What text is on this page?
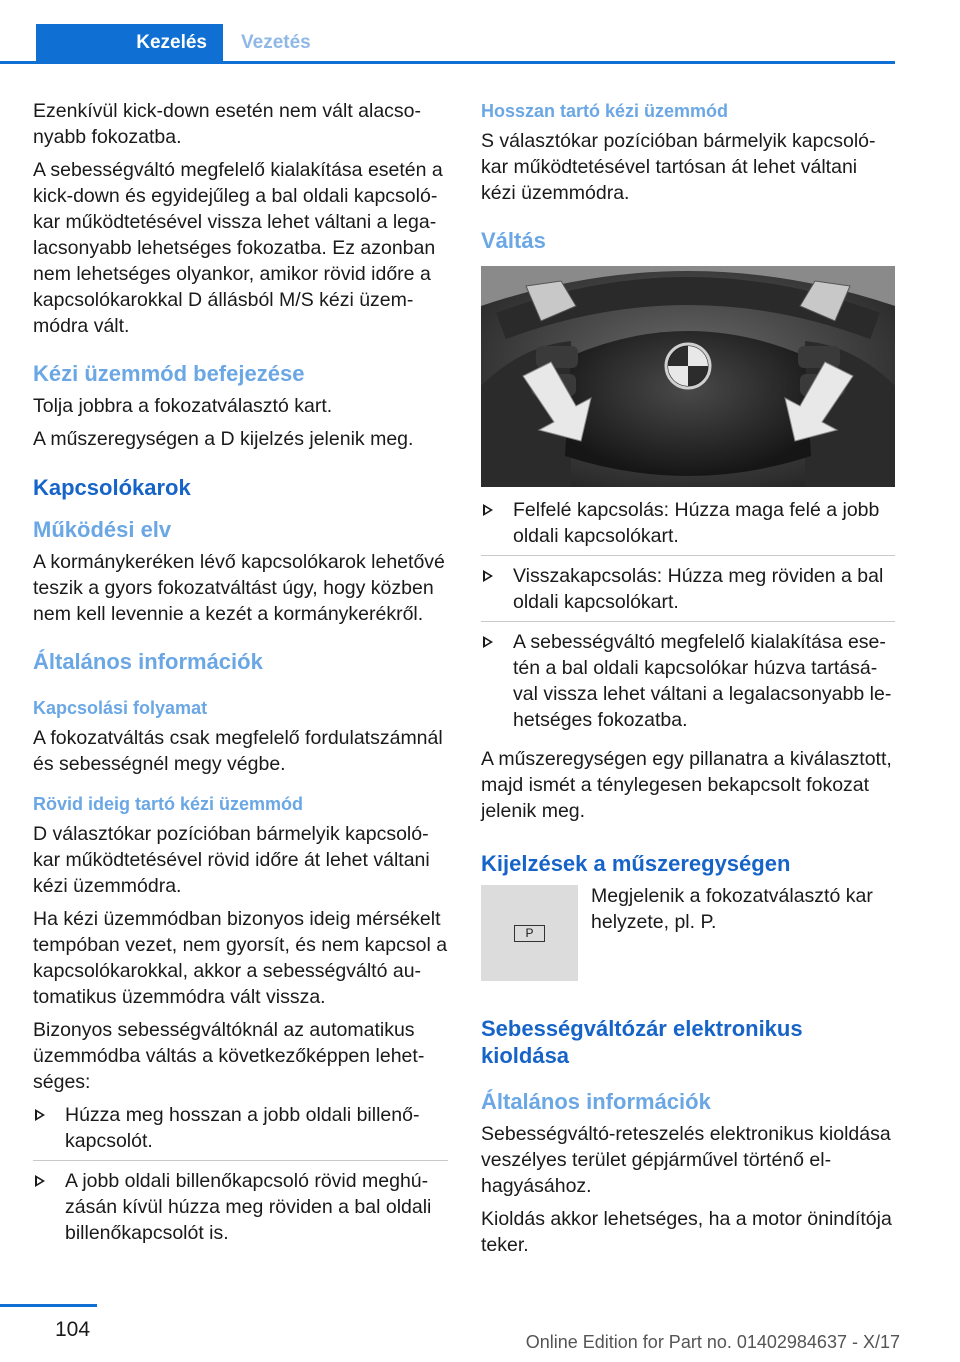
Kezelés	Vezetés

Ezenkívül kick-down esetén nem vált alacsonyabb fokozatba.

A sebességváltó megfelelő kialakítása esetén a kick-down és egyidejűleg a bal oldali kapcsolókar működtetésével vissza lehet váltani a legalacsonyabb lehetséges fokozatba. Ez azonban nem lehetséges olyankor, amikor rövid időre a kapcsolókarokkal D állásból M/S kézi üzemmódra vált.

Kézi üzemmód befejezése

Tolja jobbra a fokozatválasztó kart.

A műszeregységen a D kijelzés jelenik meg.

Kapcsolókarok
Működési elv

A kormánykeréken lévő kapcsolókarok lehetővé teszik a gyors fokozatváltást úgy, hogy közben nem kell levennie a kezét a kormánykerékről.

Általános információk
Kapcsolási folyamat

A fokozatváltás csak megfelelő fordulatszámnál és sebességnél megy végbe.

Rövid ideig tartó kézi üzemmód

D választókar pozícióban bármelyik kapcsolókar működtetésével rövid időre át lehet váltani kézi üzemmódra.

Ha kézi üzemmódban bizonyos ideig mérsékelt tempóban vezet, nem gyorsít, és nem kapcsol a kapcsolókarokkal, akkor a sebességváltó automatikus üzemmódra vált vissza.

Bizonyos sebességváltóknál az automatikus üzemmódba váltás a következőképpen lehetséges:

Húzza meg hosszan a jobb oldali billenőkapcsolót.
A jobb oldali billenőkapcsoló rövid meghúzásán kívül húzza meg röviden a bal oldali billenőkapcsolót is.
Hosszan tartó kézi üzemmód

S választókar pozícióban bármelyik kapcsolókar működtetésével tartósan át lehet váltani kézi üzemmódra.

Váltás
Felfelé kapcsolás: Húzza maga felé a jobb oldali kapcsolókart.
Visszakapcsolás: Húzza meg röviden a bal oldali kapcsolókart.
A sebességváltó megfelelő kialakítása esetén a bal oldali kapcsolókar húzva tartásával vissza lehet váltani a legalacsonyabb lehetséges fokozatba.

A műszeregységen egy pillanatra a kiválasztott, majd ismét a ténylegesen bekapcsolt fokozat jelenik meg.

Kijelzések a műszeregységen
P
Megjelenik a fokozatválasztó kar helyzete, pl. P.
Sebességváltózár elektronikus kioldása
Általános információk

Sebességváltó-reteszelés elektronikus kioldása veszélyes terület gépjárművel történő elhagyásához.

Kioldás akkor lehetséges, ha a motor önindítója teker.

104
Online Edition for Part no. 01402984637 - X/17
